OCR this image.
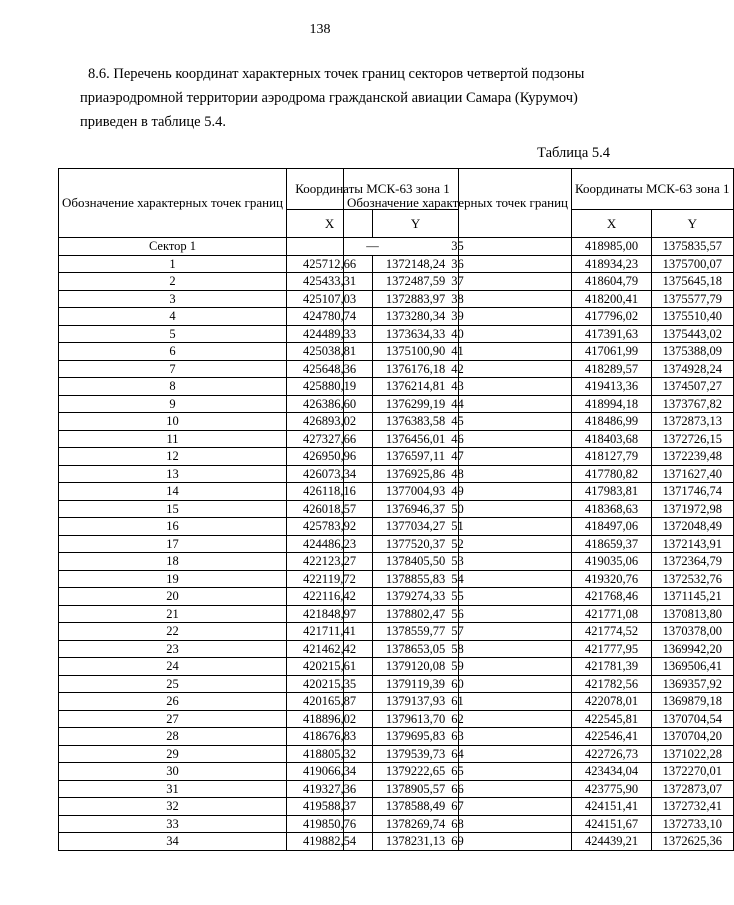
138
8.6. Перечень координат характерных точек границ секторов четвертой подзоны
приаэродромной территории аэродрома гражданской авиации Самара (Курумоч)
приведен в таблице 5.4.
Таблица 5.4
Обозначение характерных точек границ	Координаты МСК-63 зона 1	
	X	Y
Сектор 1	—	
1	425712,66	1372148,24
2	425433,31	1372487,59
3	425107,03	1372883,97
4	424780,74	1373280,34
5	424489,33	1373634,33
6	425038,81	1375100,90
7	425648,36	1376176,18
8	425880,19	1376214,81
9	426386,60	1376299,19
10	426893,02	1376383,58
11	427327,66	1376456,01
12	426950,96	1376597,11
13	426073,34	1376925,86
14	426118,16	1377004,93
15	426018,57	1376946,37
16	425783,92	1377034,27
17	424486,23	1377520,37
18	422123,27	1378405,50
19	422119,72	1378855,83
20	422116,42	1379274,33
21	421848,97	1378802,47
22	421711,41	1378559,77
23	421462,42	1378653,05
24	420215,61	1379120,08
25	420215,35	1379119,39
26	420165,87	1379137,93
27	418896,02	1379613,70
28	418676,83	1379695,83
29	418805,32	1379539,73
30	419066,34	1379222,65
31	419327,36	1378905,57
32	419588,37	1378588,49
33	419850,76	1378269,74
34	419882,54	1378231,13
Обозначение характерных точек границ	Координаты МСК-63 зона 1	
	X	Y
35	418985,00	1375835,57
36	418934,23	1375700,07
37	418604,79	1375645,18
38	418200,41	1375577,79
39	417796,02	1375510,40
40	417391,63	1375443,02
41	417061,99	1375388,09
42	418289,57	1374928,24
43	419413,36	1374507,27
44	418994,18	1373767,82
45	418486,99	1372873,13
46	418403,68	1372726,15
47	418127,79	1372239,48
48	417780,82	1371627,40
49	417983,81	1371746,74
50	418368,63	1371972,98
51	418497,06	1372048,49
52	418659,37	1372143,91
53	419035,06	1372364,79
54	419320,76	1372532,76
55	421768,46	1371145,21
56	421771,08	1370813,80
57	421774,52	1370378,00
58	421777,95	1369942,20
59	421781,39	1369506,41
60	421782,56	1369357,92
61	422078,01	1369879,18
62	422545,81	1370704,54
63	422546,41	1370704,20
64	422726,73	1371022,28
65	423434,04	1372270,01
66	423775,90	1372873,07
67	424151,41	1372732,41
68	424151,67	1372733,10
69	424439,21	1372625,36
